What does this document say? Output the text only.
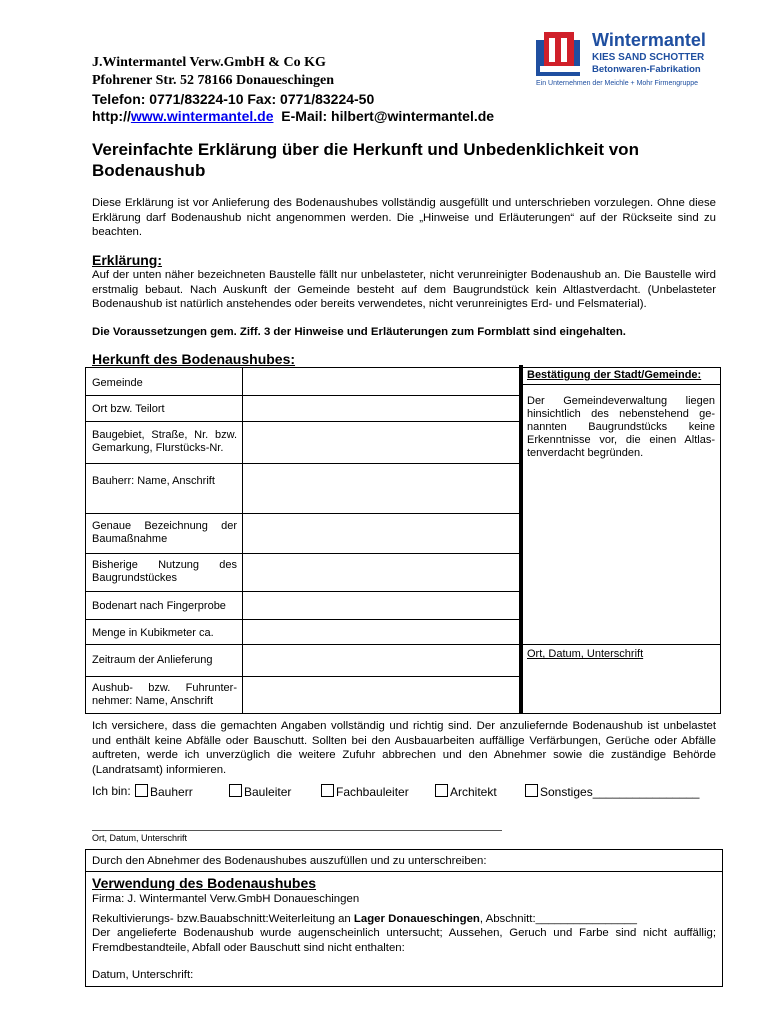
J.Wintermantel Verw.GmbH & Co KG
Pfohrener Str. 52 78166 Donaueschingen
Telefon: 0771/83224-10 Fax: 0771/83224-50
http://www.wintermantel.de E-Mail: hilbert@wintermantel.de
Wintermantel
KIES SAND SCHOTTER
Betonwaren-Fabrikation
Ein Unternehmen der Meichle + Mohr Firmengruppe
Vereinfachte Erklärung über die Herkunft und Unbedenklichkeit von Bodenaushub
Diese Erklärung ist vor Anlieferung des Bodenaushubes vollständig ausgefüllt und unterschrieben vorzulegen. Ohne diese Erklärung darf Bodenaushub nicht angenommen werden. Die „Hinweise und Erläuterungen“ auf der Rückseite sind zu beachten.
Erklärung:
Auf der unten näher bezeichneten Baustelle fällt nur unbelasteter, nicht verunreinigter Bodenaushub an. Die Baustelle wird erstmalig bebaut. Nach Auskunft der Gemeinde besteht auf dem Baugrundstück kein Altlastverdacht. (Unbelasteter Bodenaushub ist natürlich anstehendes oder bereits verwendetes, nicht verunreinigtes Erd- und Felsmaterial).
Die Voraussetzungen gem. Ziff. 3 der Hinweise und Erläuterungen zum Formblatt sind eingehalten.
Herkunft des Bodenaushubes:
Gemeinde
Ort bzw. Teilort
Baugebiet, Straße, Nr. bzw. Gemarkung, Flurstücks-Nr.
Bauherr: Name, Anschrift
Genaue Bezeichnung der Baumaßnahme
Bisherige Nutzung des Baugrundstückes
Bodenart nach Fingerprobe
Menge in Kubikmeter ca.
Zeitraum der Anlieferung
Aushub- bzw. Fuhrunter-nehmer: Name, Anschrift
Bestätigung der Stadt/Gemeinde:
Der Gemeindeverwaltung liegen hinsichtlich des nebenstehend ge-nannten Baugrundstücks keine Erkenntnisse vor, die einen Altlas-tenverdacht begründen.
Ort, Datum, Unterschrift
Ich versichere, dass die gemachten Angaben vollständig und richtig sind. Der anzuliefernde Bodenaushub ist unbelastet und enthält keine Abfälle oder Bauschutt. Sollten bei den Ausbauarbeiten auffällige Verfärbungen, Gerüche oder Abfälle auftreten, werde ich unverzüglich die weitere Zufuhr abbrechen und den Abnehmer sowie die zuständige Behörde (Landratsamt) informieren.
Ich bin:	Bauherr	Bauleiter	Fachbauleiter	Architekt	Sonstiges________________
Ort, Datum, Unterschrift
Durch den Abnehmer des Bodenaushubes auszufüllen und zu unterschreiben:
Verwendung des Bodenaushubes
Firma: J. Wintermantel Verw.GmbH Donaueschingen
Rekultivierungs- bzw.Bauabschnitt:Weiterleitung an Lager Donaueschingen, Abschnitt:________________
Der angelieferte Bodenaushub wurde augenscheinlich untersucht; Aussehen, Geruch und Farbe sind nicht auffällig; Fremdbestandteile, Abfall oder Bauschutt sind nicht enthalten:
Datum, Unterschrift:
